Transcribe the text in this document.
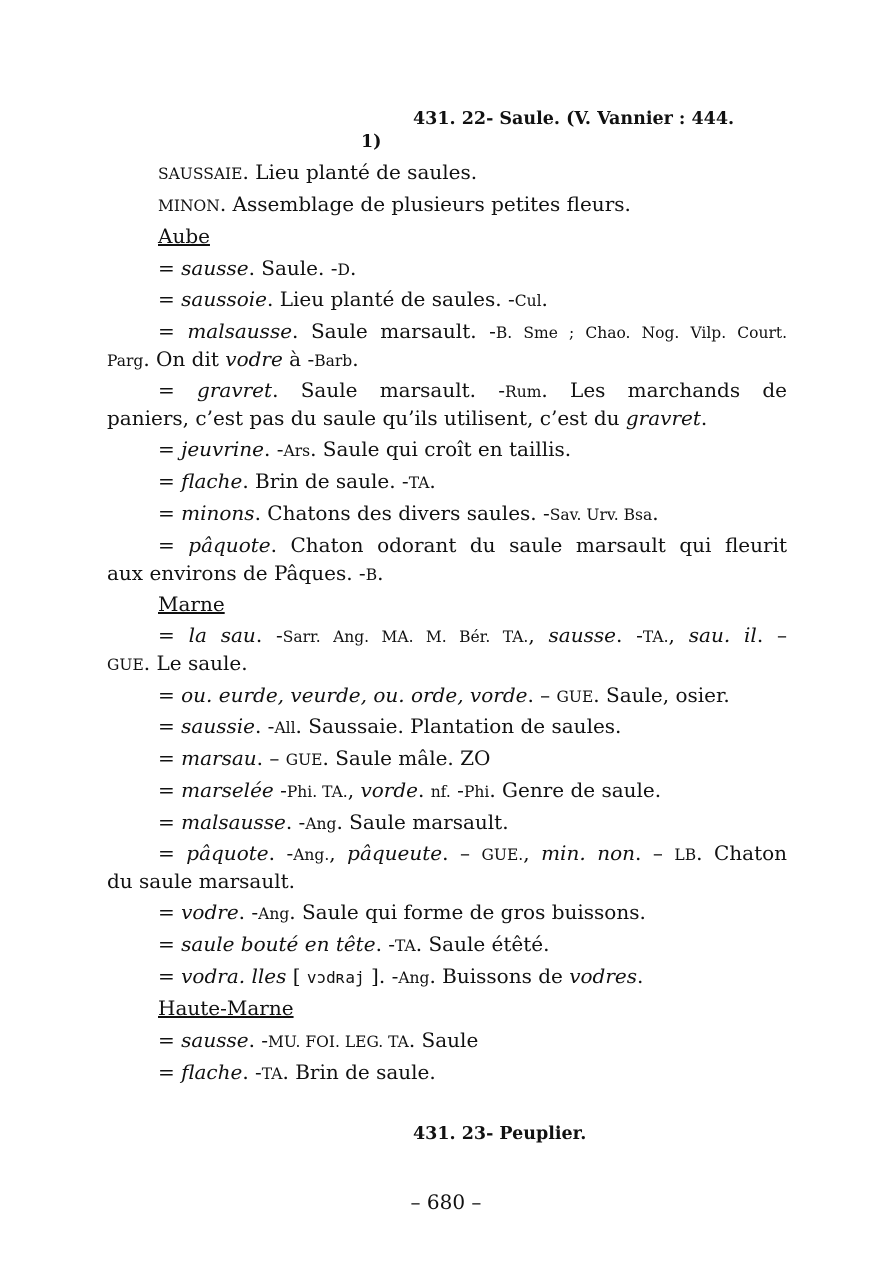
431. 22- Saule. (V. Vannier : 444.
1)
SAUSSAIE. Lieu planté de saules.
MINON. Assemblage de plusieurs petites fleurs.
Aube
= sausse. Saule. -D.
= saussoie. Lieu planté de saules. -Cul.
= malsausse. Saule marsault. -B. Sme ; Chao. Nog. Vilp. Court.
Parg. On dit vodre à -Barb.
= gravret. Saule marsault. -Rum. Les marchands de
paniers, c’est pas du saule qu’ils utilisent, c’est du gravret.
= jeuvrine. -Ars. Saule qui croît en taillis.
= flache. Brin de saule. -TA.
= minons. Chatons des divers saules. -Sav. Urv. Bsa.
= pâquote. Chaton odorant du saule marsault qui fleurit
aux environs de Pâques. -B.
Marne
= la sau. -Sarr. Ang. MA. M. Bér. TA., sausse. -TA., sau. il. –
GUE. Le saule.
= ou. eurde, veurde, ou. orde, vorde. – GUE. Saule, osier.
= saussie. -All. Saussaie. Plantation de saules.
= marsau. – GUE. Saule mâle. ZO
= marselée -Phi. TA., vorde. nf. -Phi. Genre de saule.
= malsausse. -Ang. Saule marsault.
= pâquote. -Ang., pâqueute. – GUE., min. non. – LB. Chaton
du saule marsault.
= vodre. -Ang. Saule qui forme de gros buissons.
= saule bouté en tête. -TA. Saule étêté.
= vodra. lles [ vɔdʀaj ]. -Ang. Buissons de vodres.
Haute-Marne
= sausse. -MU. FOI. LEG. TA. Saule
= flache. -TA. Brin de saule.
431. 23- Peuplier.
– 680 –
